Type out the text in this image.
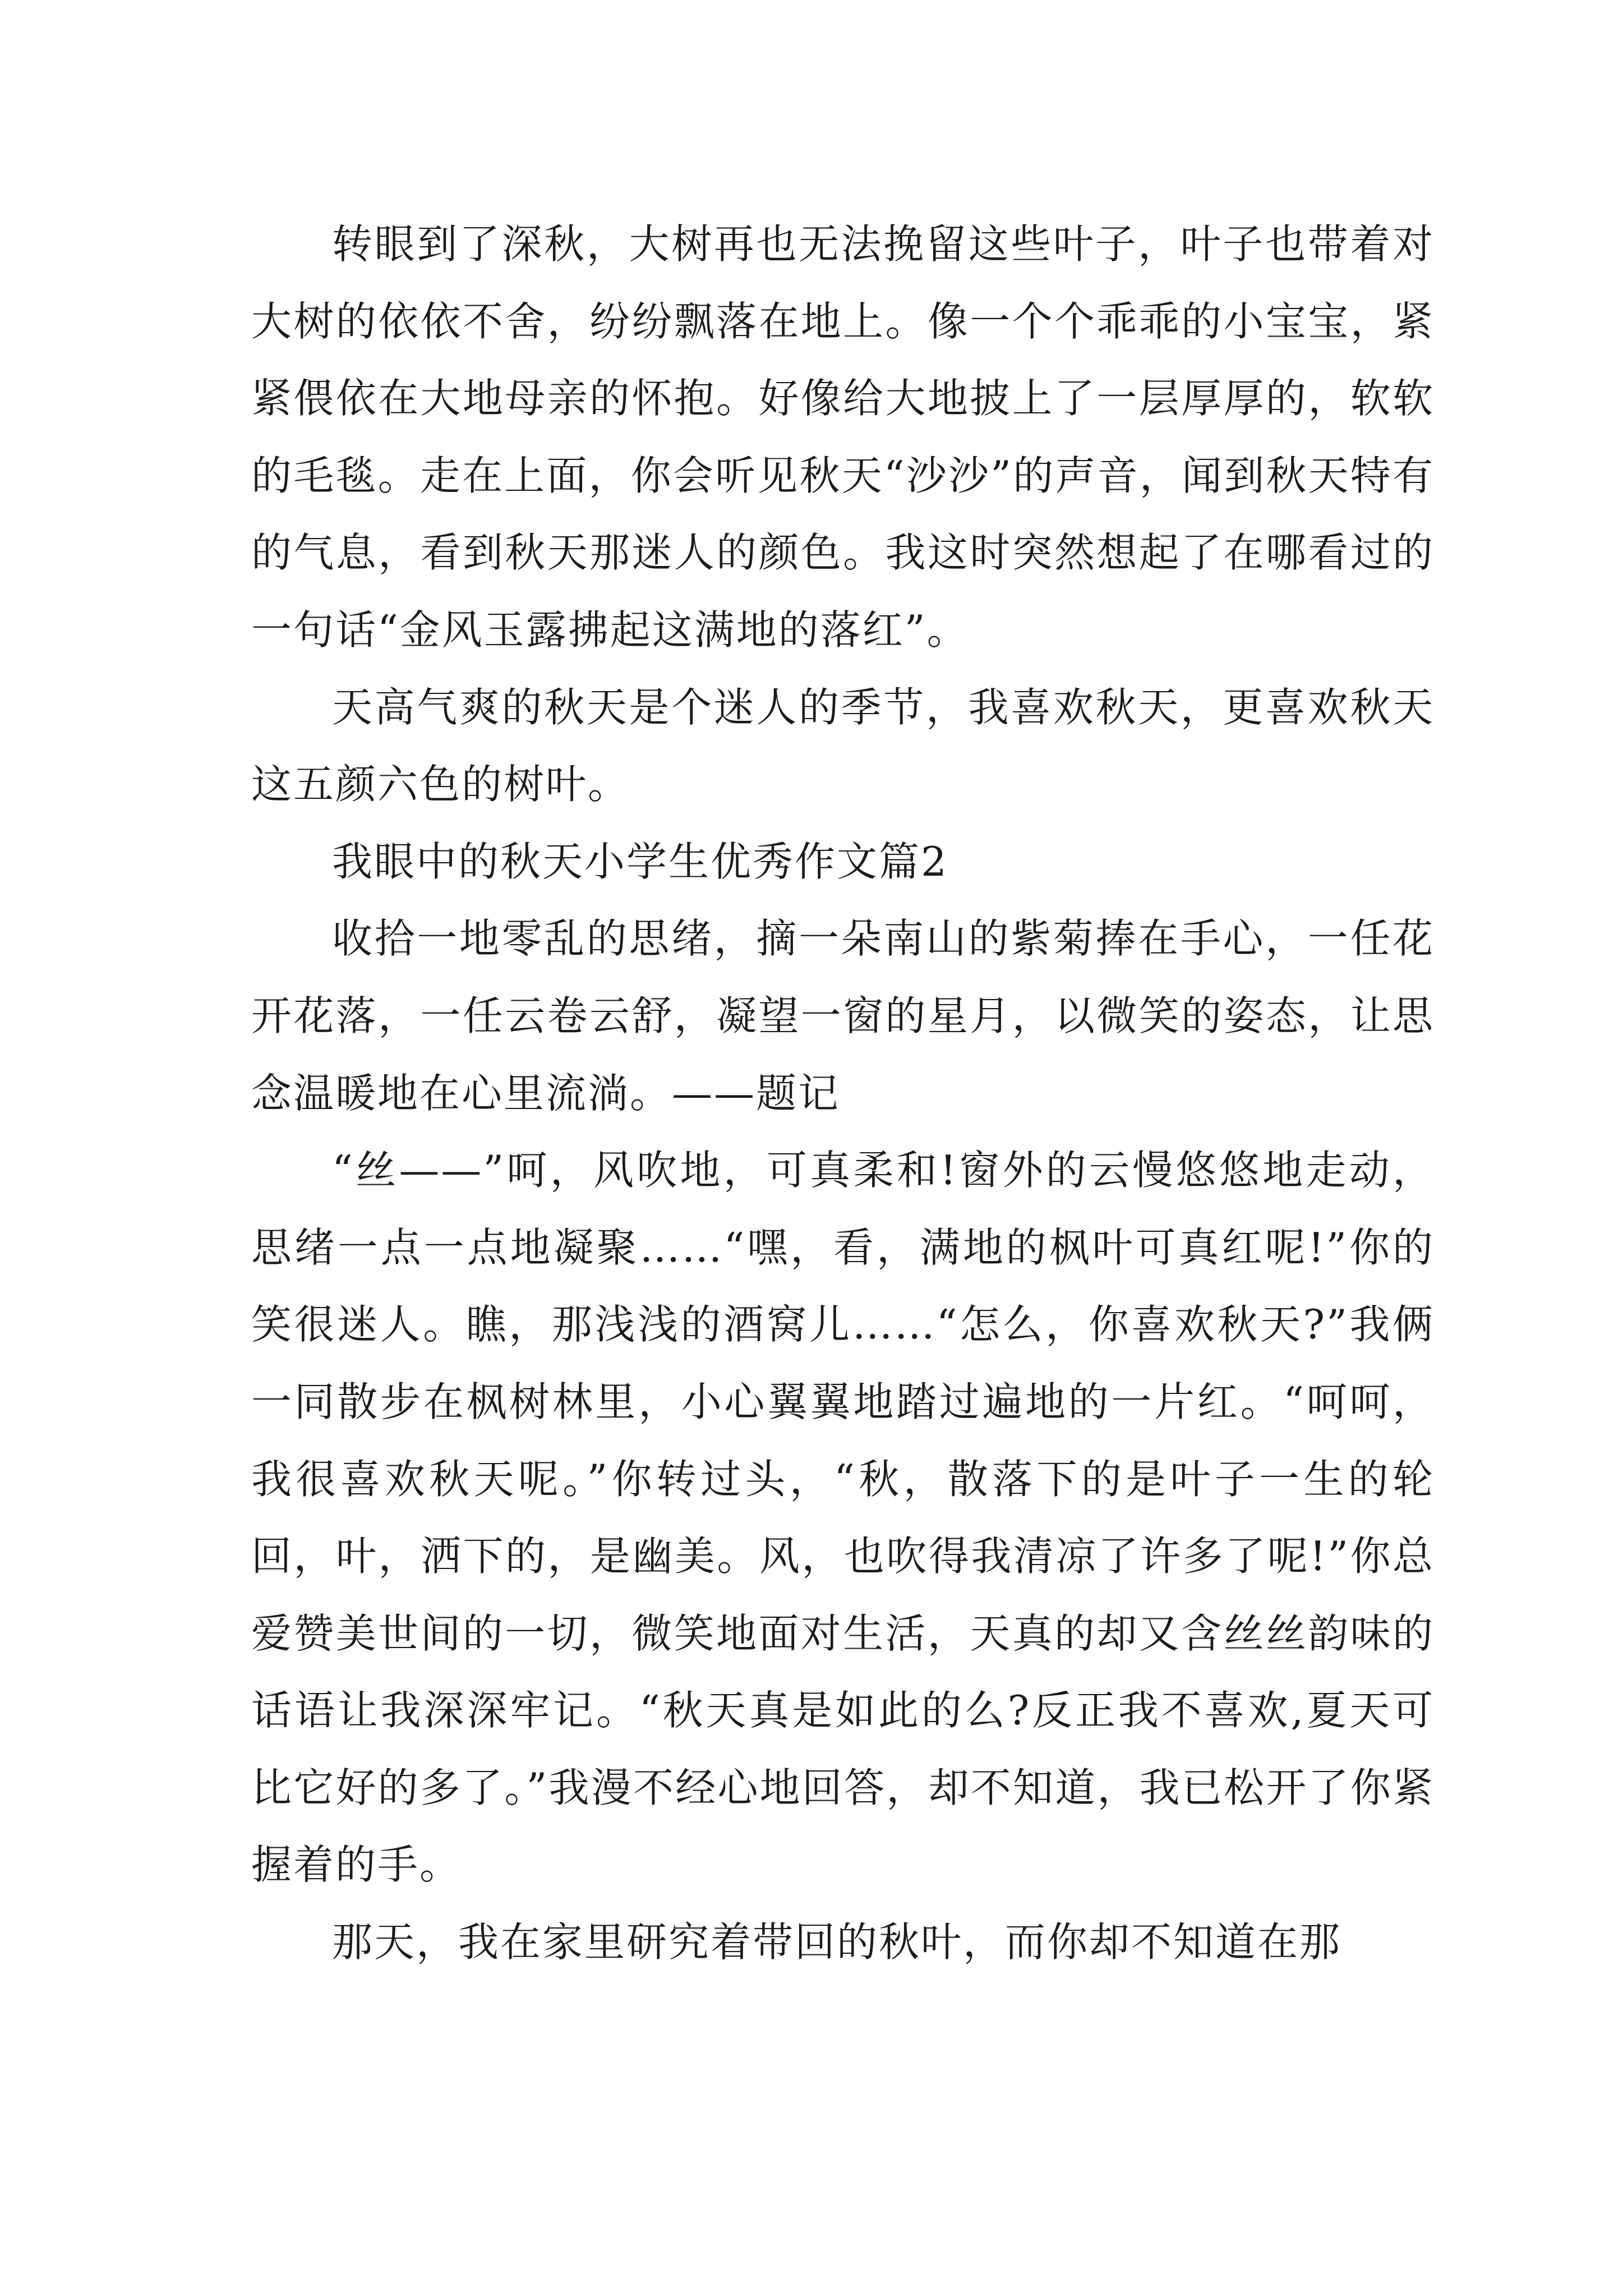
转眼到了深秋，大树再也无法挽留这些叶子，叶子也带着对大树的依依不舍，纷纷飘落在地上。像一个个乖乖的小宝宝，紧紧偎依在大地母亲的怀抱。好像给大地披上了一层厚厚的，软软的毛毯。走在上面，你会听见秋天“沙沙”的声音，闻到秋天特有的气息，看到秋天那迷人的颜色。我这时突然想起了在哪看过的一句话“金风玉露拂起这满地的落红”。

天高气爽的秋天是个迷人的季节，我喜欢秋天，更喜欢秋天这五颜六色的树叶。

我眼中的秋天小学生优秀作文篇2

收拾一地零乱的思绪，摘一朵南山的紫菊捧在手心，一任花开花落，一任云卷云舒，凝望一窗的星月，以微笑的姿态，让思念温暖地在心里流淌。——题记

“丝——”呵，风吹地，可真柔和!窗外的云慢悠悠地走动，思绪一点一点地凝聚……“嘿，看，满地的枫叶可真红呢!”你的笑很迷人。瞧，那浅浅的酒窝儿……“怎么，你喜欢秋天?”我俩一同散步在枫树林里，小心翼翼地踏过遍地的一片红。“呵呵，我很喜欢秋天呢。”你转过头，“秋，散落下的是叶子一生的轮回，叶，洒下的，是幽美。风，也吹得我清凉了许多了呢!”你总爱赞美世间的一切，微笑地面对生活，天真的却又含丝丝韵味的话语让我深深牢记。“秋天真是如此的么?反正我不喜欢,夏天可比它好的多了。”我漫不经心地回答，却不知道，我已松开了你紧握着的手。

那天，我在家里研究着带回的秋叶，而你却不知道在那
